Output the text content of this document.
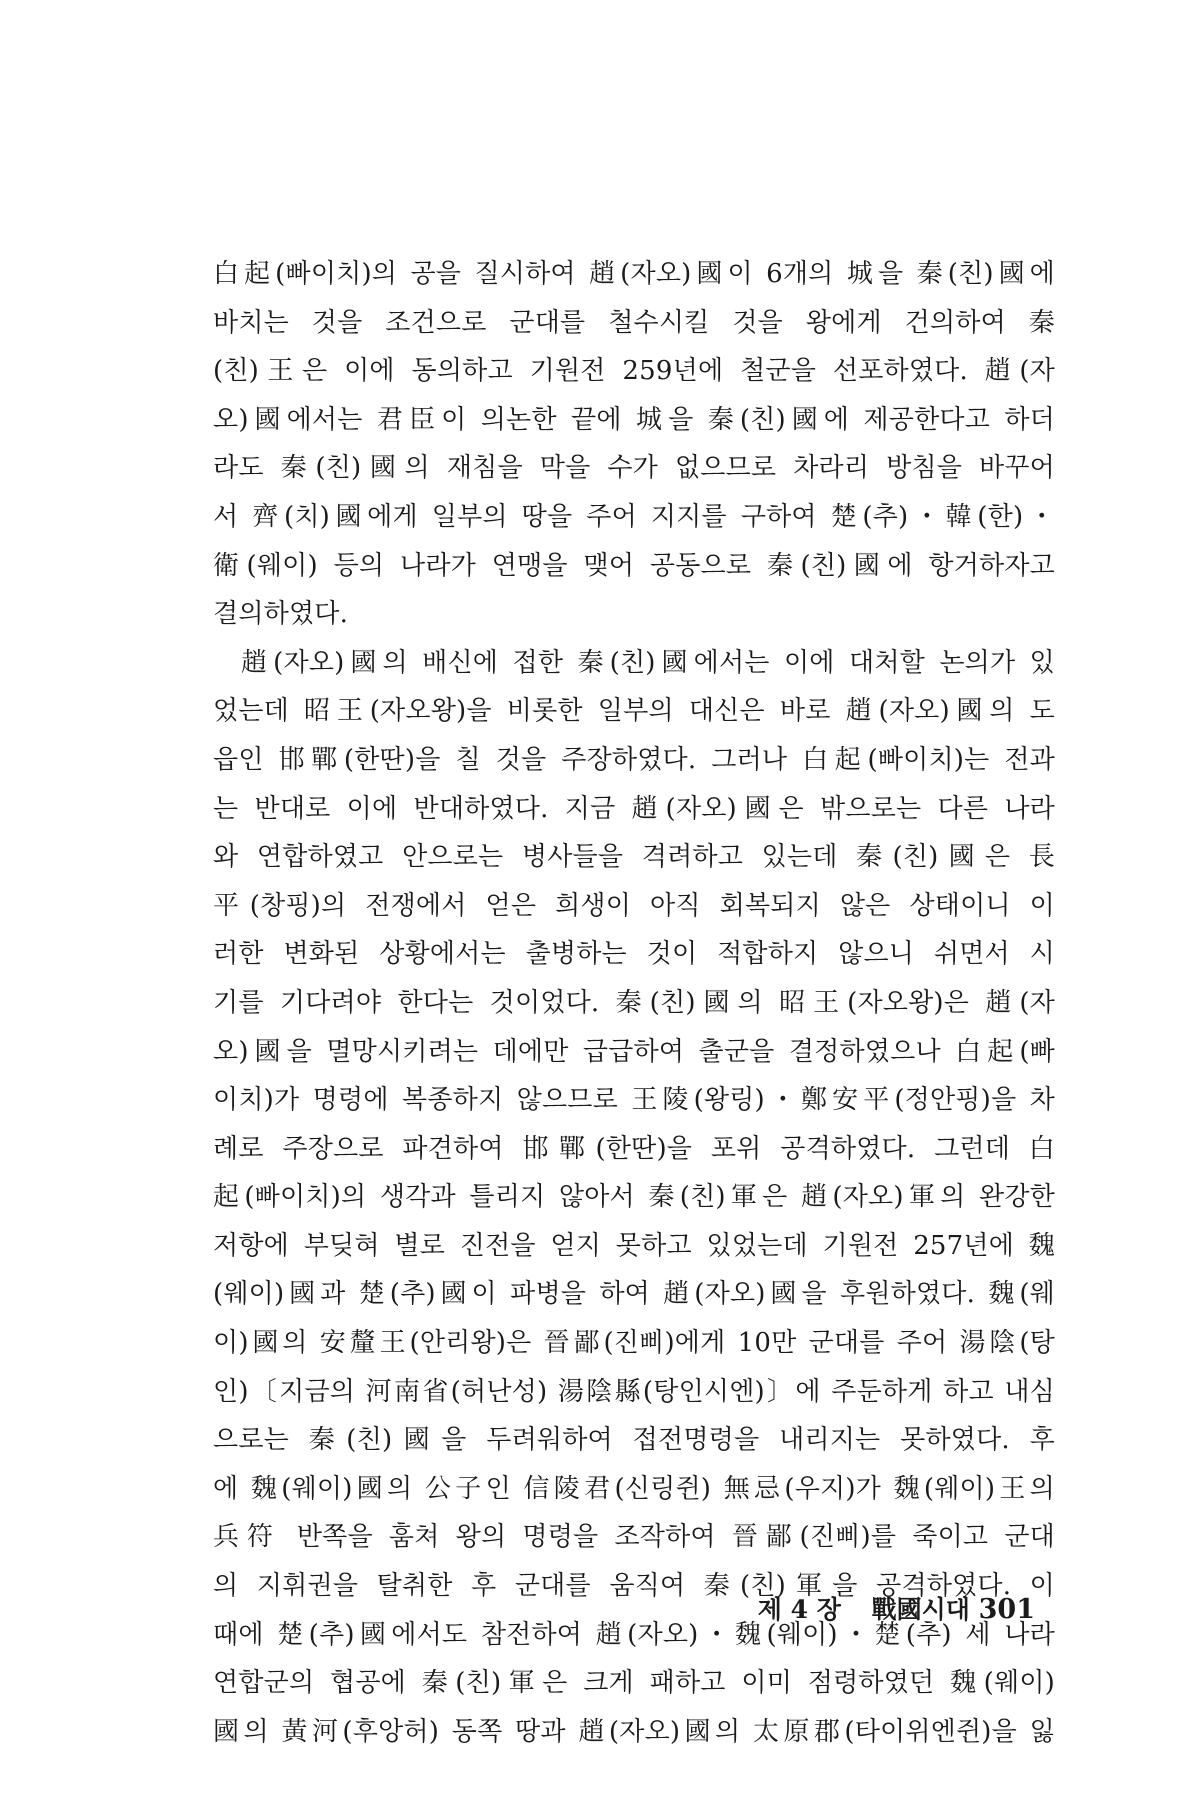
白起(빠이치)의 공을 질시하여 趙(자오)國이 6개의 城을 秦(친)國에
바치는 것을 조건으로 군대를 철수시킬 것을 왕에게 건의하여 秦
(친)王은 이에 동의하고 기원전 259년에 철군을 선포하였다. 趙(자
오)國에서는 君臣이 의논한 끝에 城을 秦(친)國에 제공한다고 하더
라도 秦(친)國의 재침을 막을 수가 없으므로 차라리 방침을 바꾸어
서 齊(치)國에게 일부의 땅을 주어 지지를 구하여 楚(추)・韓(한)・
衛(웨이) 등의 나라가 연맹을 맺어 공동으로 秦(친)國에 항거하자고
결의하였다.

趙(자오)國의 배신에 접한 秦(친)國에서는 이에 대처할 논의가 있
었는데 昭王(자오왕)을 비롯한 일부의 대신은 바로 趙(자오)國의 도
읍인 邯鄲(한딴)을 칠 것을 주장하였다. 그러나 白起(빠이치)는 전과
는 반대로 이에 반대하였다. 지금 趙(자오)國은 밖으로는 다른 나라
와 연합하였고 안으로는 병사들을 격려하고 있는데 秦(친)國은 長
平(창핑)의 전쟁에서 얻은 희생이 아직 회복되지 않은 상태이니 이
러한 변화된 상황에서는 출병하는 것이 적합하지 않으니 쉬면서 시
기를 기다려야 한다는 것이었다. 秦(친)國의 昭王(자오왕)은 趙(자
오)國을 멸망시키려는 데에만 급급하여 출군을 결정하였으나 白起(빠
이치)가 명령에 복종하지 않으므로 王陵(왕링)・鄭安平(정안핑)을 차
례로 주장으로 파견하여 邯鄲(한딴)을 포위 공격하였다. 그런데 白
起(빠이치)의 생각과 틀리지 않아서 秦(친)軍은 趙(자오)軍의 완강한
저항에 부딪혀 별로 진전을 얻지 못하고 있었는데 기원전 257년에 魏
(웨이)國과 楚(추)國이 파병을 하여 趙(자오)國을 후원하였다. 魏(웨
이)國의 安釐王(안리왕)은 晉鄙(진삐)에게 10만 군대를 주어 湯陰(탕
인)〔지금의 河南省(허난성) 湯陰縣(탕인시엔)〕에 주둔하게 하고 내심
으로는 秦(친)國을 두려워하여 접전명령을 내리지는 못하였다. 후
에 魏(웨이)國의 公子인 信陵君(신링쥔) 無忌(우지)가 魏(웨이)王의
兵符 반쪽을 훔쳐 왕의 명령을 조작하여 晉鄙(진삐)를 죽이고 군대
의 지휘권을 탈취한 후 군대를 움직여 秦(친)軍을 공격하였다. 이
때에 楚(추)國에서도 참전하여 趙(자오)・魏(웨이)・楚(추) 세 나라
연합군의 협공에 秦(친)軍은 크게 패하고 이미 점령하였던 魏(웨이)
國의 黃河(후앙허) 동쪽 땅과 趙(자오)國의 太原郡(타이위엔쥔)을 잃

제 4 장 戰國시대 301
